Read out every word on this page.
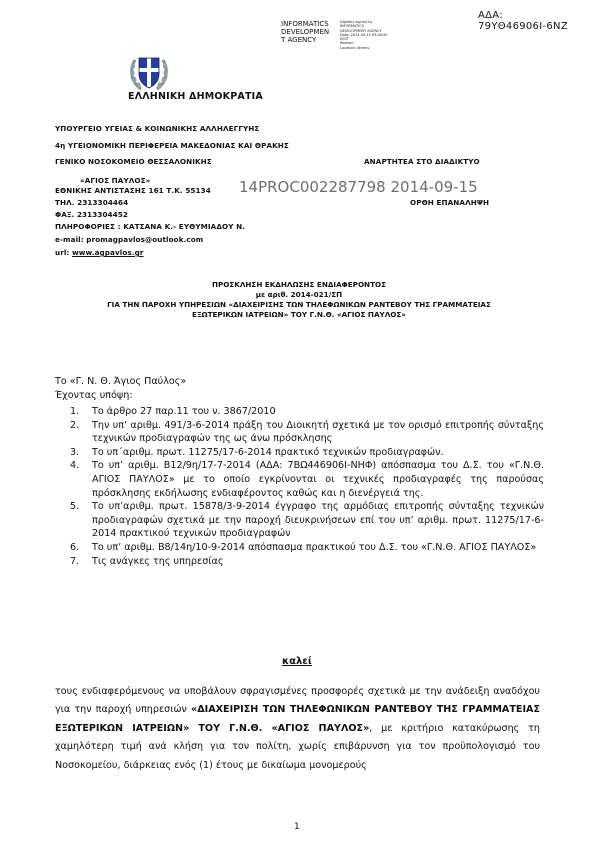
ΑΔΑ: 79ΥΘ46906Ι-6ΝΖ
INFORMATICS
DEVELOPMEN
T AGENCY
Digitally signed by
INFORMATICS
DEVELOPMENT AGENCY
Date: 2014.09.15 09:46:50
EEST
Reason:
Location: Athens
ΕΛΛΗΝΙΚΗ ΔΗΜΟΚΡΑΤΙΑ
ΥΠΟΥΡΓΕΙΟ ΥΓΕΙΑΣ & ΚΟΙΝΩΝΙΚΗΣ ΑΛΛΗΛΕΓΓΥΗΣ
4η ΥΓΕΙΟΝΟΜΙΚΗ ΠΕΡΙΦΕΡΕΙΑ ΜΑΚΕΔΟΝΙΑΣ ΚΑΙ ΘΡΑΚΗΣ
ΓΕΝΙΚΟ ΝΟΣΟΚΟΜΕΙΟ ΘΕΣΣΑΛΟΝΙΚΗΣ	ΑΝΑΡΤΗΤΕΑ ΣΤΟ ΔΙΑΔΙΚΤΥΟ
«ΑΓΙΟΣ ΠΑΥΛΟΣ»
ΕΘΝΙΚΗΣ ΑΝΤΙΣΤΑΣΗΣ 161 Τ.Κ. 55134 14PROC002287798 2014-09-15
ΤΗΛ. 2313304464	ΟΡΘΗ ΕΠΑΝΑΛΗΨΗ
ΦΑΞ. 2313304452
ΠΛΗΡΟΦΟΡΙΕΣ : ΚΑΤΣΑΝΑ Κ.- ΕΥΘΥΜΙΑΔΟΥ Ν.
e-mail: promagpavlos@outlook.com
url: www.agpavlos.gr
ΠΡΟΣΚΛΗΣΗ ΕΚΔΗΛΩΣΗΣ ΕΝΔΙΑΦΕΡΟΝΤΟΣ
με αριθ. 2014-021/ΣΠ
ΓΙΑ ΤΗΝ ΠΑΡΟΧΗ ΥΠΗΡΕΣΙΩΝ «ΔΙΑΧΕΙΡΙΣΗΣ ΤΩΝ ΤΗΛΕΦΩΝΙΚΩΝ ΡΑΝΤΕΒΟΥ ΤΗΣ ΓΡΑΜΜΑΤΕΙΑΣ
ΕΞΩΤΕΡΙΚΩΝ ΙΑΤΡΕΙΩΝ» ΤΟΥ Γ.Ν.Θ. «ΑΓΙΟΣ ΠΑΥΛΟΣ»
Το «Γ. Ν. Θ. Άγιος Παύλος»
Έχοντας υπόψη:
1.	Το άρθρο 27 παρ.11 του ν. 3867/2010
2.	Την υπ’ αριθμ. 491/3-6-2014 πράξη του Διοικητή σχετικά με τον ορισμό επιτροπής σύνταξης τεχνικών προδιαγραφών της ως άνω πρόσκλησης
3.	Το υπ΄αριθμ. πρωτ. 11275/17-6-2014 πρακτικό τεχνικών προδιαγραφών.
4.	Το υπ’ αριθμ. Β12/9η/17-7-2014 (ΑΔΑ: 7ΒΩ446906Ι-ΝΗΦ) απόσπασμα του Δ.Σ. του «Γ.Ν.Θ. ΑΓΙΟΣ ΠΑΥΛΟΣ» με το οποίο εγκρίνονται οι τεχνικές προδιαγραφές της παρούσας πρόσκλησης εκδήλωσης ενδιαφέροντος καθώς και η διενέργειά της.
5.	Το υπ’αριθμ. πρωτ. 15878/3-9-2014 έγγραφο της αρμόδιας επιτροπής σύνταξης τεχνικών προδιαγραφών σχετικά με την παροχή διευκρινήσεων επί του υπ’ αριθμ. πρωτ. 11275/17-6-2014 πρακτικού τεχνικών προδιαγραφών
6.	Το υπ’ αριθμ. Β8/14η/10-9-2014 απόσπασμα πρακτικού του Δ.Σ. του «Γ.Ν.Θ. ΑΓΙΟΣ ΠΑΥΛΟΣ»
7.	Τις ανάγκες της υπηρεσίας
καλεί
τους ενδιαφερόμενους να υποβάλουν σφραγισμένες προσφορές σχετικά με την ανάδειξη αναδόχου για την παροχή υπηρεσιών «ΔΙΑΧΕΙΡΙΣΗ ΤΩΝ ΤΗΛΕΦΩΝΙΚΩΝ ΡΑΝΤΕΒΟΥ ΤΗΣ ΓΡΑΜΜΑΤΕΙΑΣ ΕΞΩΤΕΡΙΚΩΝ ΙΑΤΡΕΙΩΝ» ΤΟΥ Γ.Ν.Θ. «ΑΓΙΟΣ ΠΑΥΛΟΣ», με κριτήριο κατακύρωσης τη χαμηλότερη τιμή ανά κλήση για τον πολίτη, χωρίς επιβάρυνση για τον προϋπολογισμό του Νοσοκομείου, διάρκειας ενός (1) έτους με δικαίωμα μονομερούς
1
